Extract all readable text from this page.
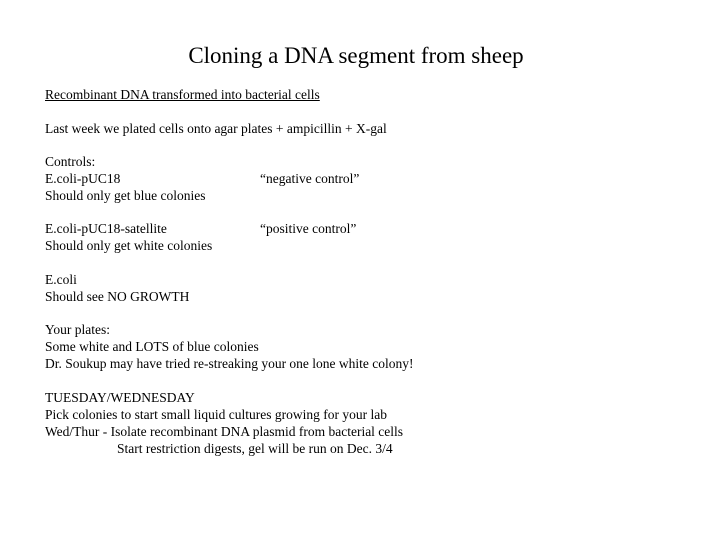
Cloning a DNA segment from sheep
Recombinant DNA transformed into bacterial cells
Last week we plated cells onto agar plates + ampicillin + X-gal
Controls:
E.coli-pUC18	“negative control”
Should only get blue colonies
E.coli-pUC18-satellite	“positive control”
Should only get white colonies
E.coli
Should see NO GROWTH
Your plates:
Some white and LOTS of blue colonies
Dr. Soukup may have tried re-streaking your one lone white colony!
TUESDAY/WEDNESDAY
Pick colonies to start small liquid cultures growing for your lab
Wed/Thur - Isolate recombinant DNA plasmid from bacterial cells
Start restriction digests, gel will be run on Dec. 3/4
